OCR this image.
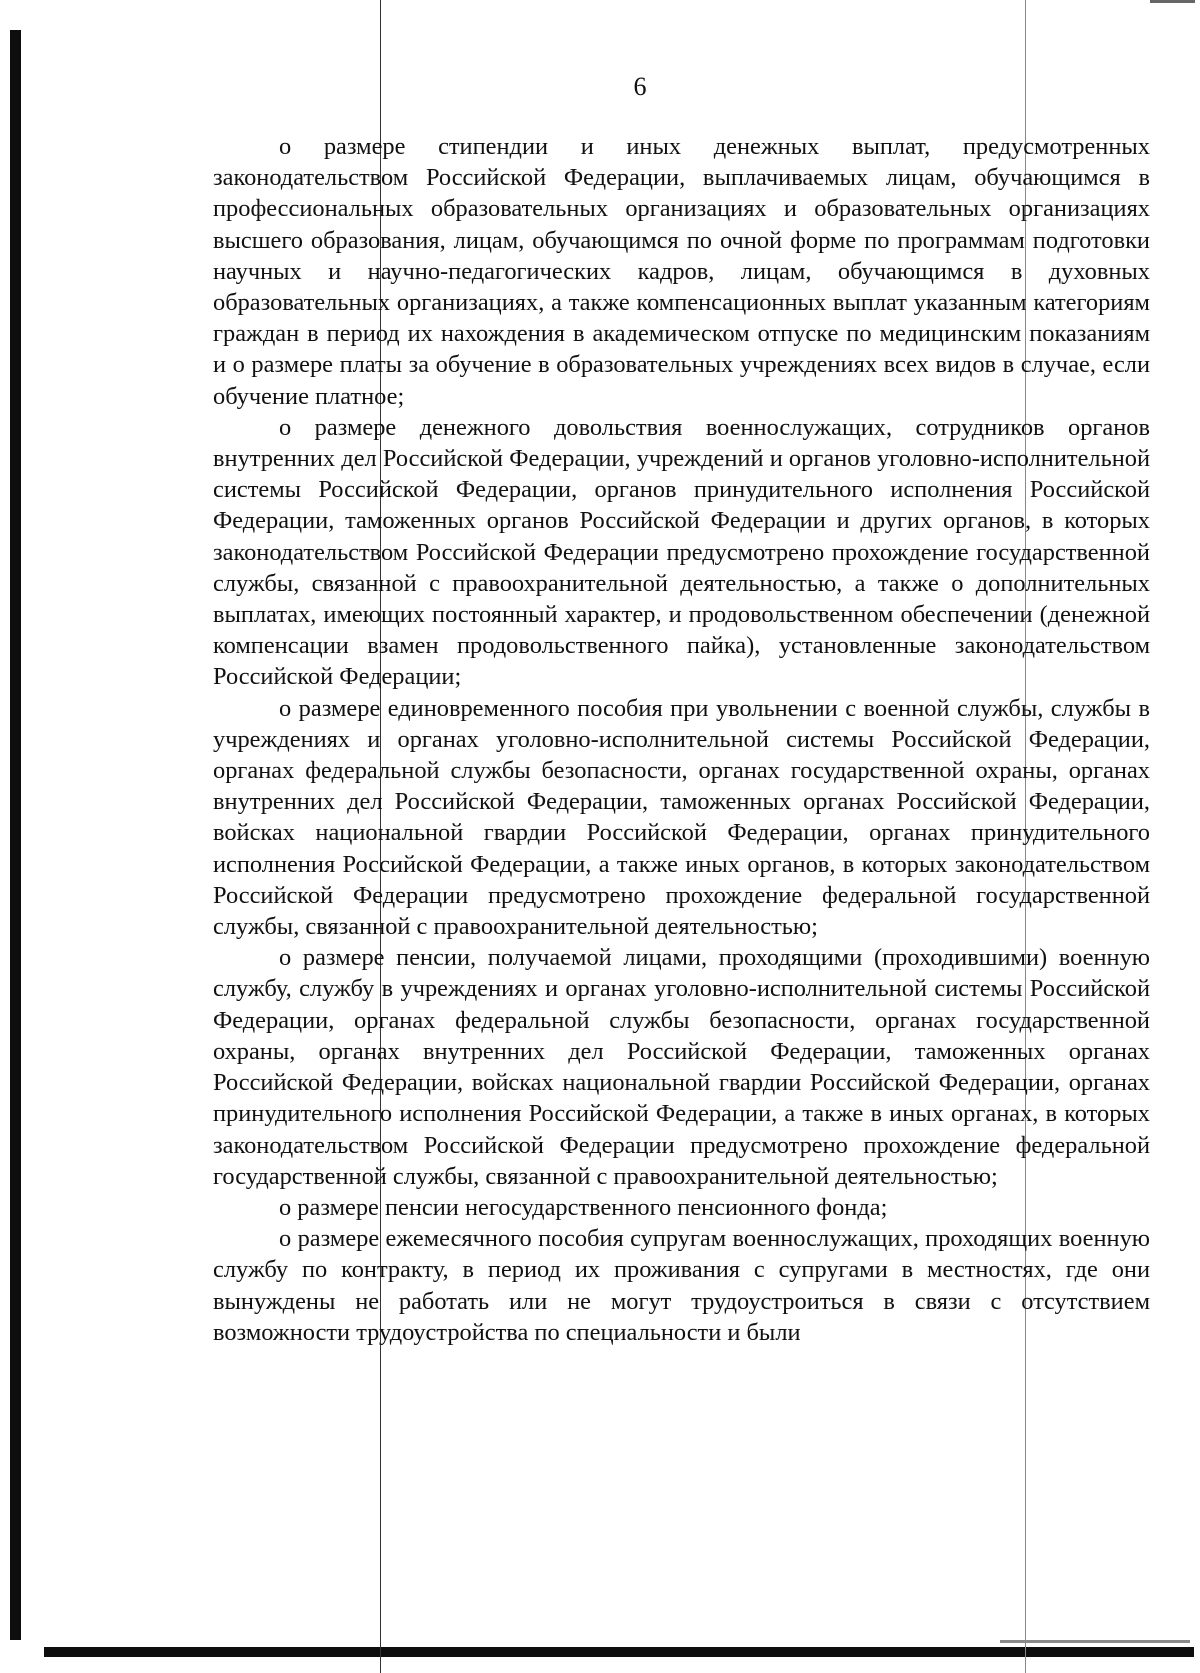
6

о размере стипендии и иных денежных выплат, предусмотренных законодательством Российской Федерации, выплачиваемых лицам, обучающимся в профессиональных образовательных организациях и образовательных организациях высшего образования, лицам, обучающимся по очной форме по программам подготовки научных и научно-педагогических кадров, лицам, обучающимся в духовных образовательных организациях, а также компенсационных выплат указанным категориям граждан в период их нахождения в академическом отпуске по медицинским показаниям и о размере платы за обучение в образовательных учреждениях всех видов в случае, если обучение платное;

о размере денежного довольствия военнослужащих, сотрудников органов внутренних дел Российской Федерации, учреждений и органов уголовно-исполнительной системы Российской Федерации, органов принудительного исполнения Российской Федерации, таможенных органов Российской Федерации и других органов, в которых законодательством Российской Федерации предусмотрено прохождение государственной службы, связанной с правоохранительной деятельностью, а также о дополнительных выплатах, имеющих постоянный характер, и продовольственном обеспечении (денежной компенсации взамен продовольственного пайка), установленные законодательством Российской Федерации;

о размере единовременного пособия при увольнении с военной службы, службы в учреждениях и органах уголовно-исполнительной системы Российской Федерации, органах федеральной службы безопасности, органах государственной охраны, органах внутренних дел Российской Федерации, таможенных органах Российской Федерации, войсках национальной гвардии Российской Федерации, органах принудительного исполнения Российской Федерации, а также иных органов, в которых законодательством Российской Федерации предусмотрено прохождение федеральной государственной службы, связанной с правоохранительной деятельностью;

о размере пенсии, получаемой лицами, проходящими (проходившими) военную службу, службу в учреждениях и органах уголовно-исполнительной системы Российской Федерации, органах федеральной службы безопасности, органах государственной охраны, органах внутренних дел Российской Федерации, таможенных органах Российской Федерации, войсках национальной гвардии Российской Федерации, органах принудительного исполнения Российской Федерации, а также в иных органах, в которых законодательством Российской Федерации предусмотрено прохождение федеральной государственной службы, связанной с правоохранительной деятельностью;

о размере пенсии негосударственного пенсионного фонда;

о размере ежемесячного пособия супругам военнослужащих, проходящих военную службу по контракту, в период их проживания с супругами в местностях, где они вынуждены не работать или не могут трудоустроиться в связи с отсутствием возможности трудоустройства по специальности и были
